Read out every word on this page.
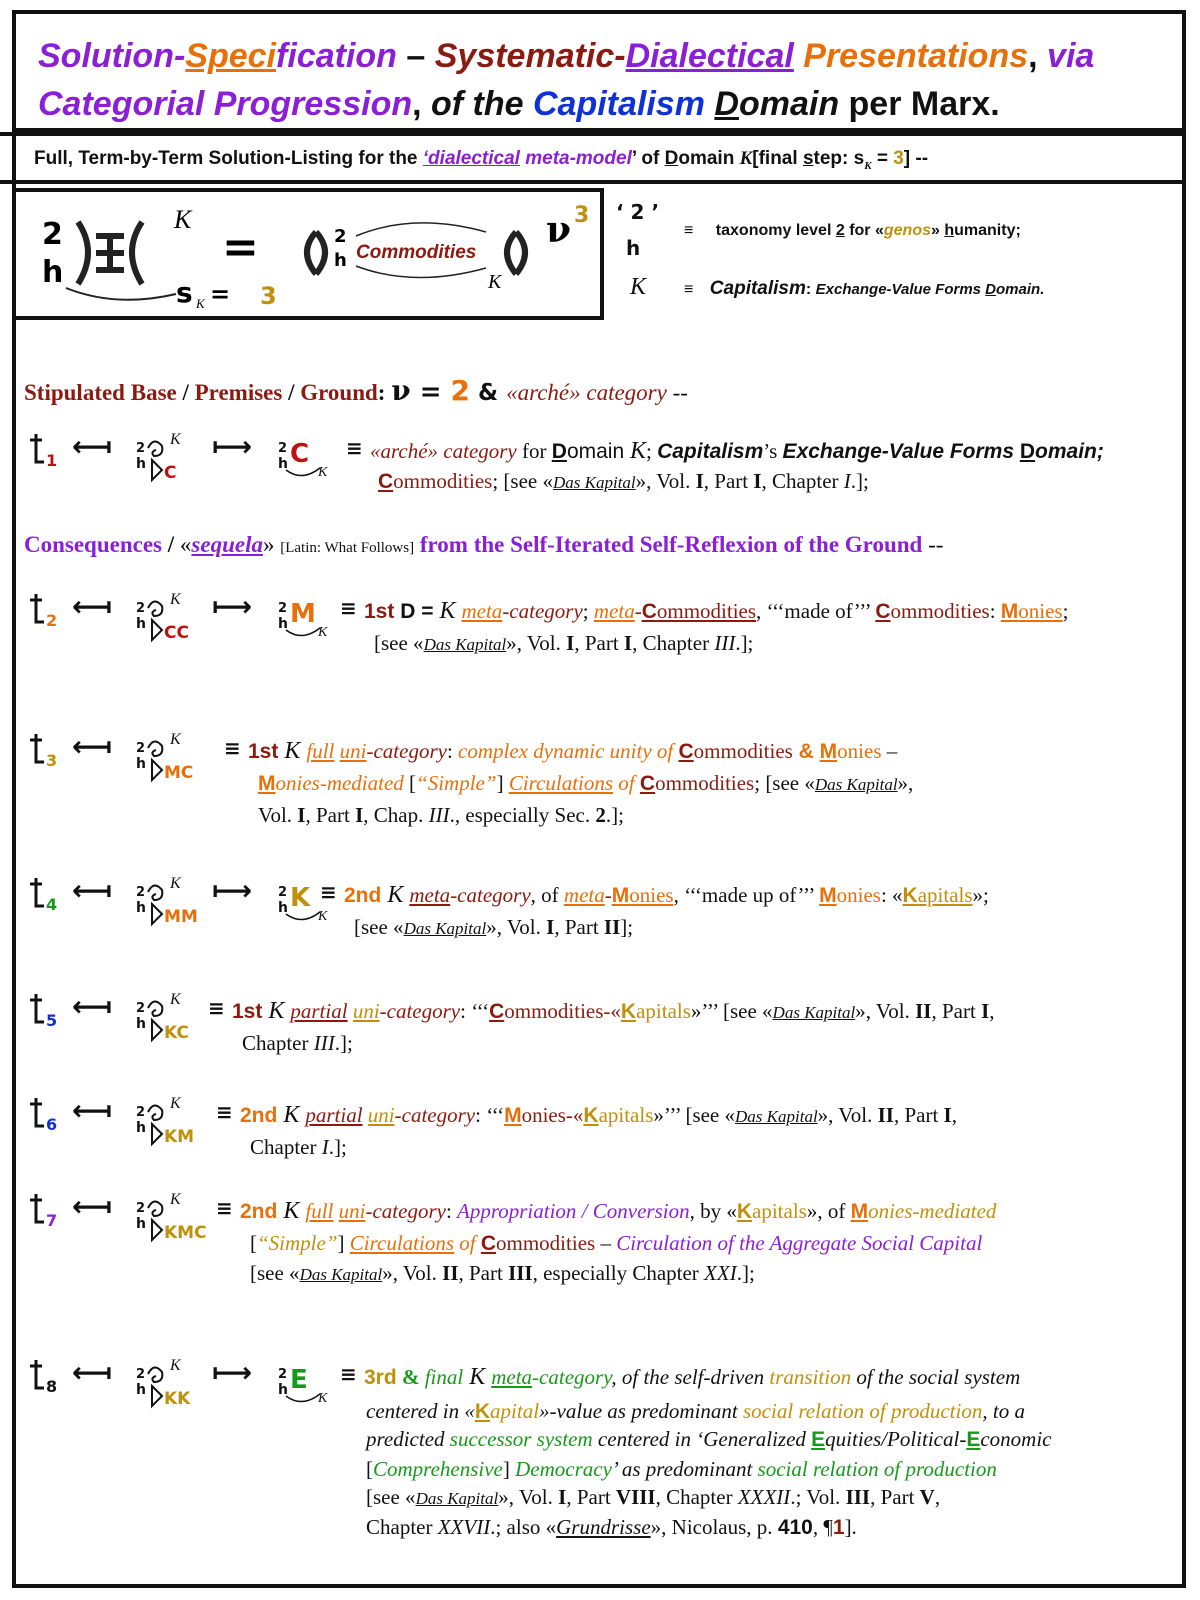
Solution-Specification – Systematic-Dialectical Presentations, via
Categorial Progression, of the Capitalism Domain per Marx.
Full, Term-by-Term Solution-Listing for the ‘dialectical meta-model’ of Domain K[final step: $s_K = 3$] --
2
h
K
s K = 3
=	2
h Commodities
K
ν 3 ‘ 2 ’
h
≡ taxonomy level 2 for «genos» humanity;
K ≡ Capitalism: Exchange-Value Forms Domain.
Stipulated Base / Premises / Ground: ν = 2 & «arché» category --
Consequences / «sequela» [Latin: What Follows] from the Self-Iterated Self-Reflexion of the Ground --
1 ⟻ 2
h
K
C
⟼ 2
h C
K
≡ «arché» category for Domain K; Capitalism’s Exchange-Value Forms Domain;
Commodities; [see «Das Kapital», Vol. I, Part I, Chapter I.];
2 ⟻ 2
h
K
CC
⟼ 2
h M
K
≡ 1st D = K meta-category; meta-Commodities, ‘‘‘made of’’’ Commodities: Monies;
[see «Das Kapital», Vol. I, Part I, Chapter III.];
3 ⟻ 2
h
K
MC
≡ 1st K full uni-category: complex dynamic unity of Commodities & Monies –
Monies-mediated [“Simple”] Circulations of Commodities; [see «Das Kapital»,
Vol. I, Part I, Chap. III., especially Sec. 2.];
4 ⟻ 2
h
K
MM
⟼ 2
h K
K
≡ 2nd K meta-category, of meta-Monies, ‘‘‘made up of’’’ Monies: «Kapitals»;
[see «Das Kapital», Vol. I, Part II];
5 ⟻ 2
h
K
KC
≡ 1st K partial uni-category: ‘‘‘Commodities-«Kapitals»’’’ [see «Das Kapital», Vol. II, Part I,
Chapter III.];
6 ⟻ 2
h
K
KM
≡ 2nd K partial uni-category: ‘‘‘Monies-«Kapitals»’’’ [see «Das Kapital», Vol. II, Part I,
Chapter I.];
7 ⟻ 2
h
K
KMC
≡ 2nd K full uni-category: Appropriation / Conversion, by «Kapitals», of Monies-mediated
[“Simple”] Circulations of Commodities – Circulation of the Aggregate Social Capital
[see «Das Kapital», Vol. II, Part III, especially Chapter XXI.];
8 ⟻ 2
h
K
KK
⟼ 2
h E
K
≡ 3rd & final K meta-category, of the self-driven transition of the social system
centered in «Kapital»-value as predominant social relation of production, to a
predicted successor system centered in ‘Generalized Equities/Political-Economic
[Comprehensive] Democracy’ as predominant social relation of production
[see «Das Kapital», Vol. I, Part VIII, Chapter XXXII.; Vol. III, Part V,
Chapter XXVII.; also «Grundrisse», Nicolaus, p. 410, ¶1].
